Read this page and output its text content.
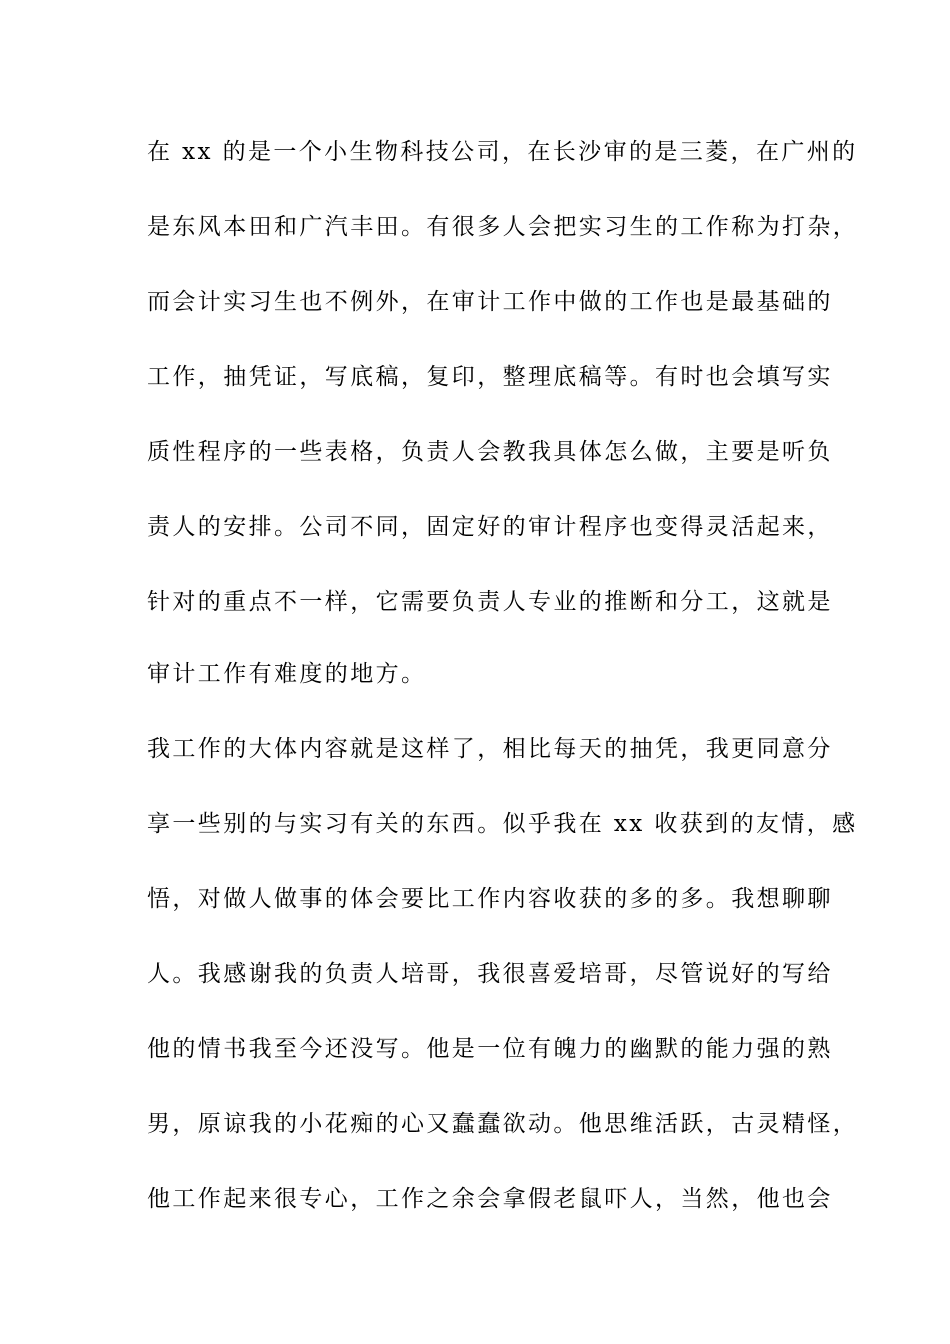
在 xx 的是一个小生物科技公司，在长沙审的是三菱，在广州的
是东风本田和广汽丰田。有很多人会把实习生的工作称为打杂，
而会计实习生也不例外，在审计工作中做的工作也是最基础的
工作，抽凭证，写底稿，复印，整理底稿等。有时也会填写实
质性程序的一些表格，负责人会教我具体怎么做，主要是听负
责人的安排。公司不同，固定好的审计程序也变得灵活起来，
针对的重点不一样，它需要负责人专业的推断和分工，这就是
审计工作有难度的地方。
我工作的大体内容就是这样了，相比每天的抽凭，我更同意分
享一些别的与实习有关的东西。似乎我在 xx 收获到的友情，感
悟，对做人做事的体会要比工作内容收获的多的多。我想聊聊
人。我感谢我的负责人培哥，我很喜爱培哥，尽管说好的写给
他的情书我至今还没写。他是一位有魄力的幽默的能力强的熟
男，原谅我的小花痴的心又蠢蠢欲动。他思维活跃，古灵精怪，
他工作起来很专心，工作之余会拿假老鼠吓人，当然，他也会
